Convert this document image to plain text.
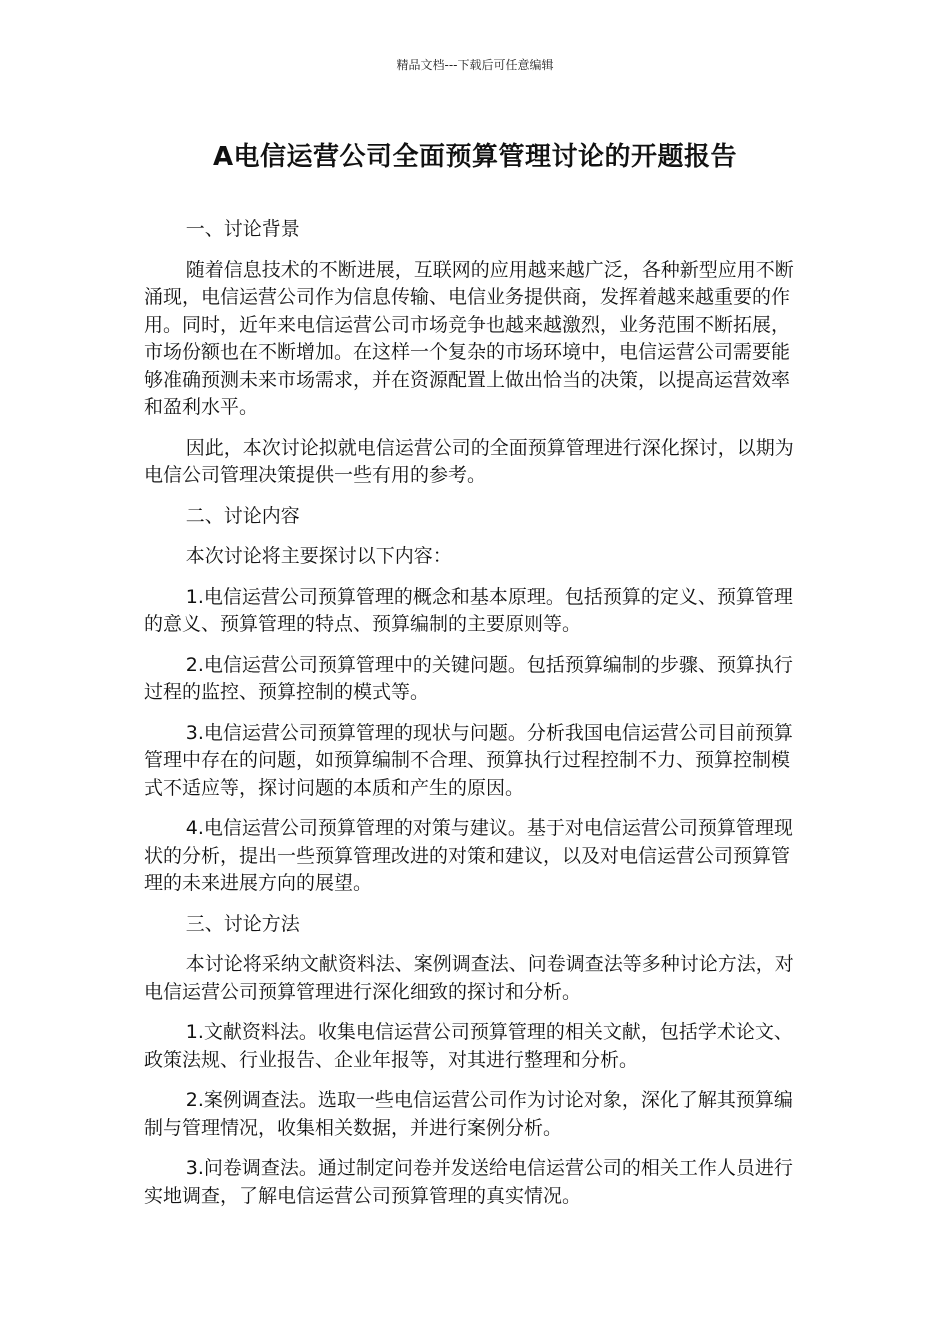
精品文档---下载后可任意编辑
A电信运营公司全面预算管理讨论的开题报告

一、讨论背景

随着信息技术的不断进展，互联网的应用越来越广泛，各种新型应用不断涌现，电信运营公司作为信息传输、电信业务提供商，发挥着越来越重要的作用。同时，近年来电信运营公司市场竞争也越来越激烈，业务范围不断拓展，市场份额也在不断增加。在这样一个复杂的市场环境中，电信运营公司需要能够准确预测未来市场需求，并在资源配置上做出恰当的决策，以提高运营效率和盈利水平。

因此，本次讨论拟就电信运营公司的全面预算管理进行深化探讨，以期为电信公司管理决策提供一些有用的参考。

二、讨论内容

本次讨论将主要探讨以下内容：

1.电信运营公司预算管理的概念和基本原理。包括预算的定义、预算管理的意义、预算管理的特点、预算编制的主要原则等。

2.电信运营公司预算管理中的关键问题。包括预算编制的步骤、预算执行过程的监控、预算控制的模式等。

3.电信运营公司预算管理的现状与问题。分析我国电信运营公司目前预算管理中存在的问题，如预算编制不合理、预算执行过程控制不力、预算控制模式不适应等，探讨问题的本质和产生的原因。

4.电信运营公司预算管理的对策与建议。基于对电信运营公司预算管理现状的分析，提出一些预算管理改进的对策和建议，以及对电信运营公司预算管理的未来进展方向的展望。

三、讨论方法

本讨论将采纳文献资料法、案例调查法、问卷调查法等多种讨论方法，对电信运营公司预算管理进行深化细致的探讨和分析。

1.文献资料法。收集电信运营公司预算管理的相关文献，包括学术论文、政策法规、行业报告、企业年报等，对其进行整理和分析。

2.案例调查法。选取一些电信运营公司作为讨论对象，深化了解其预算编制与管理情况，收集相关数据，并进行案例分析。

3.问卷调查法。通过制定问卷并发送给电信运营公司的相关工作人员进行实地调查，了解电信运营公司预算管理的真实情况。
